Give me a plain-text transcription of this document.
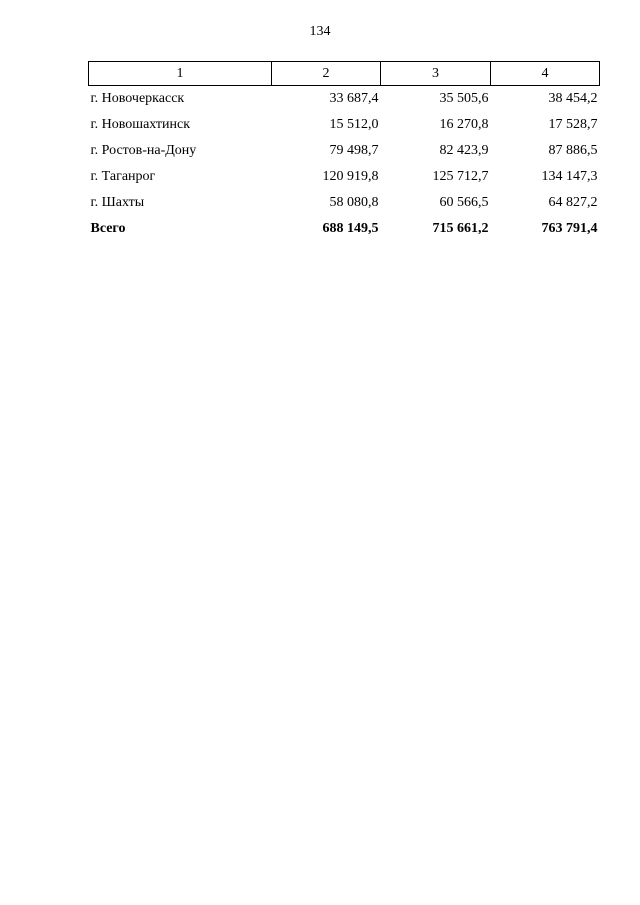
134
1	2	3	4
г. Новочеркасск	33 687,4	35 505,6	38 454,2
г. Новошахтинск	15 512,0	16 270,8	17 528,7
г. Ростов-на-Дону	79 498,7	82 423,9	87 886,5
г. Таганрог	120 919,8	125 712,7	134 147,3
г. Шахты	58 080,8	60 566,5	64 827,2
Всего	688 149,5	715 661,2	763 791,4
